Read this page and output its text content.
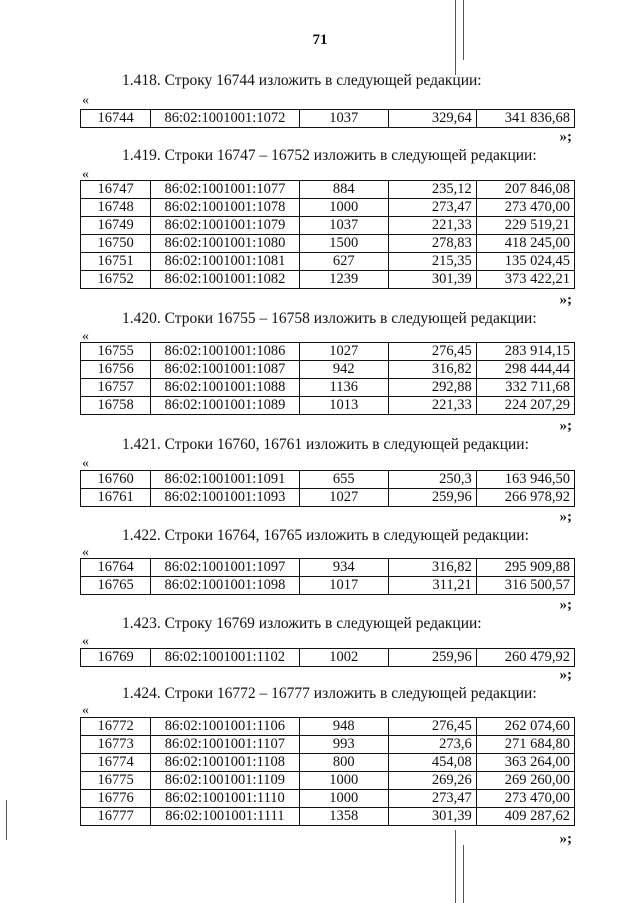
71
1.418. Строку 16744 изложить в следующей редакции:
«
16744	86:02:1001001:1072	1037	329,64	341 836,68
»;
1.419. Строки 16747 – 16752 изложить в следующей редакции:
«
16747	86:02:1001001:1077	884	235,12	207 846,08
16748	86:02:1001001:1078	1000	273,47	273 470,00
16749	86:02:1001001:1079	1037	221,33	229 519,21
16750	86:02:1001001:1080	1500	278,83	418 245,00
16751	86:02:1001001:1081	627	215,35	135 024,45
16752	86:02:1001001:1082	1239	301,39	373 422,21
»;
1.420. Строки 16755 – 16758 изложить в следующей редакции:
«
16755	86:02:1001001:1086	1027	276,45	283 914,15
16756	86:02:1001001:1087	942	316,82	298 444,44
16757	86:02:1001001:1088	1136	292,88	332 711,68
16758	86:02:1001001:1089	1013	221,33	224 207,29
»;
1.421. Строки 16760, 16761 изложить в следующей редакции:
«
16760	86:02:1001001:1091	655	250,3	163 946,50
16761	86:02:1001001:1093	1027	259,96	266 978,92
»;
1.422. Строки 16764, 16765 изложить в следующей редакции:
«
16764	86:02:1001001:1097	934	316,82	295 909,88
16765	86:02:1001001:1098	1017	311,21	316 500,57
»;
1.423. Строку 16769 изложить в следующей редакции:
«
16769	86:02:1001001:1102	1002	259,96	260 479,92
»;
1.424. Строки 16772 – 16777 изложить в следующей редакции:
«
16772	86:02:1001001:1106	948	276,45	262 074,60
16773	86:02:1001001:1107	993	273,6	271 684,80
16774	86:02:1001001:1108	800	454,08	363 264,00
16775	86:02:1001001:1109	1000	269,26	269 260,00
16776	86:02:1001001:1110	1000	273,47	273 470,00
16777	86:02:1001001:1111	1358	301,39	409 287,62
»;
